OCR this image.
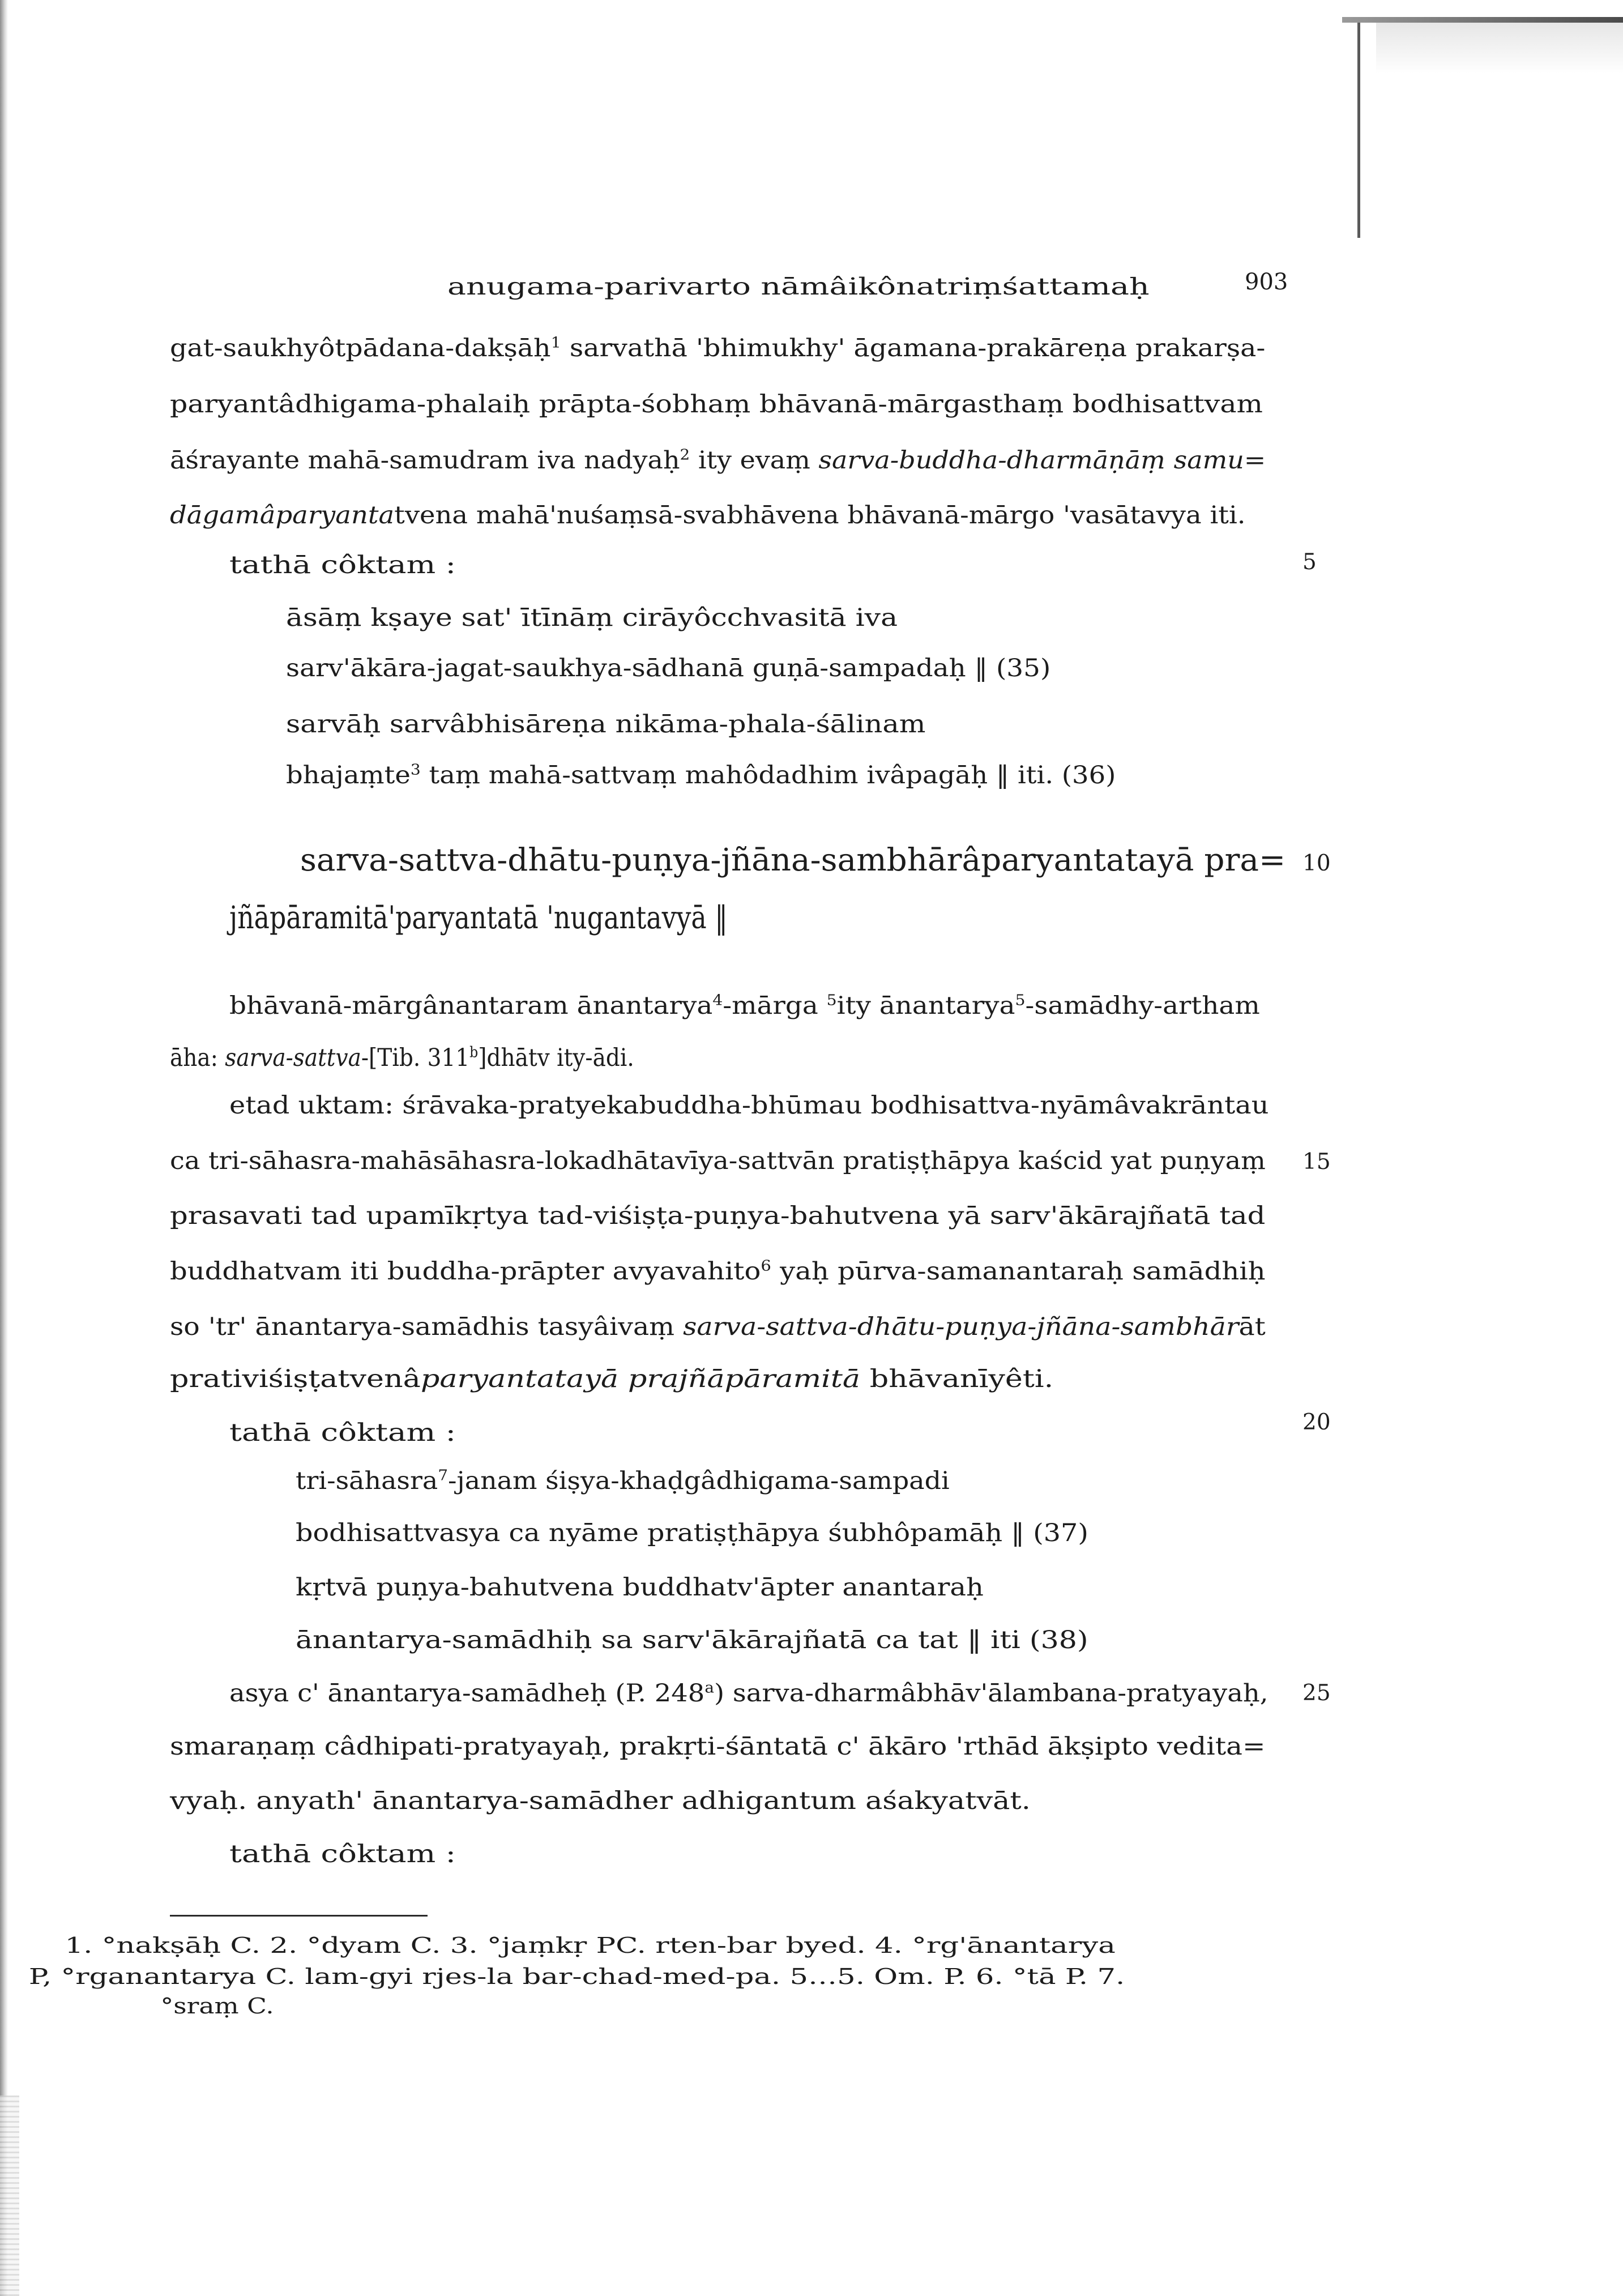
anugama-parivarto nāmâikônatriṃśattamaḥ	903

gat-saukhyôtpādana-dakṣāḥ$^1$ sarvathā 'bhimukhy' āgamana-prakāreṇa prakarṣa-

paryantâdhigama-phalaiḥ prāpta-śobhaṃ bhāvanā-mārgasthaṃ bodhisattvam

āśrayante mahā-samudram iva nadyaḥ$^2$ ity evaṃ sarva-buddha-dharmāṇāṃ samu=

dāgamâparyantatvena mahā'nuśaṃsā-svabhāvena bhāvanā-mārgo 'vasātavya iti.

tathā côktam :	5

āsāṃ kṣaye sat' ītīnāṃ cirāyôcchvasitā iva

sarv'ākāra-jagat-saukhya-sādhanā guṇā-sampadaḥ ‖ (35)

sarvāḥ sarvâbhisāreṇa nikāma-phala-śālinam

bhajaṃte$^3$ taṃ mahā-sattvaṃ mahôdadhim ivâpagāḥ ‖ iti. (36)

sarva-sattva-dhātu-puṇya-jñāna-sambhārâparyantatayā pra=

jñāpāramitā'paryantatā 'nugantavyā ‖

10

bhāvanā-mārgânantaram ānantarya$^4$-mārga $^5$ity ānantarya$^5$-samādhy-artham

āha: sarva-sattva-[Tib. 311$^b$]dhātv ity-ādi.

etad uktam: śrāvaka-pratyekabuddha-bhūmau bodhisattva-nyāmâvakrāntau

ca tri-sāhasra-mahāsāhasra-lokadhātavīya-sattvān pratiṣṭhāpya kaścid yat puṇyaṃ 15

prasavati tad upamīkṛtya tad-viśiṣṭa-puṇya-bahutvena yā sarv'ākārajñatā tad

buddhatvam iti buddha-prāpter avyavahito$^6$ yaḥ pūrva-samanantaraḥ samādhiḥ

so 'tr' ānantarya-samādhis tasyâivaṃ sarva-sattva-dhātu-puṇya-jñāna-sambhārāt

prativiśiṣṭatvenâparyantatayā prajñāpāramitā bhāvanīyêti.

tathā côktam :	20

tri-sāhasra$^7$-janam śiṣya-khaḍgâdhigama-sampadi

bodhisattvasya ca nyāme pratiṣṭhāpya śubhôpamāḥ ‖ (37)

kṛtvā puṇya-bahutvena buddhatv'āpter anantaraḥ

ānantarya-samādhiḥ sa sarv'ākārajñatā ca tat ‖ iti (38)

asya c' ānantarya-samādheḥ (P. 248$^a$) sarva-dharmâbhāv'ālambana-pratyayaḥ, 25

smaraṇaṃ câdhipati-pratyayaḥ, prakṛti-śāntatā c' ākāro 'rthād ākṣipto vedita=

vyaḥ. anyath' ānantarya-samādher adhigantum aśakyatvāt.

tathā côktam :

1. °nakṣāḥ C. 2. °dyam C. 3. °jaṃkṛ PC. rten-bar byed. 4. °rg'ānantarya

P, °rganantarya C. lam-gyi rjes-la bar-chad-med-pa. 5…5. Om. P. 6. °tā P. 7.

°sraṃ C.
